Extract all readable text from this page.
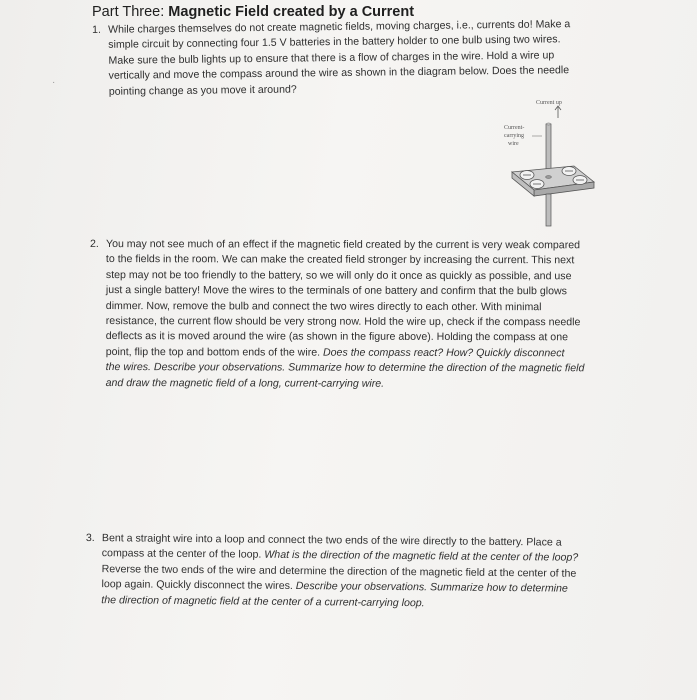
Part Three: Magnetic Field created by a Current
·

1. While charges themselves do not create magnetic fields, moving charges, i.e., currents do! Make a

simple circuit by connecting four 1.5 V batteries in the battery holder to one bulb using two wires.

Make sure the bulb lights up to ensure that there is a flow of charges in the wire. Hold a wire up

vertically and move the compass around the wire as shown in the diagram below. Does the needle

pointing change as you move it around?

Current up
Current-
carrying
wire

2. You may not see much of an effect if the magnetic field created by the current is very weak compared

to the fields in the room. We can make the created field stronger by increasing the current. This next

step may not be too friendly to the battery, so we will only do it once as quickly as possible, and use

just a single battery! Move the wires to the terminals of one battery and confirm that the bulb glows

dimmer. Now, remove the bulb and connect the two wires directly to each other. With minimal

resistance, the current flow should be very strong now. Hold the wire up, check if the compass needle

deflects as it is moved around the wire (as shown in the figure above). Holding the compass at one

point, flip the top and bottom ends of the wire. Does the compass react? How? Quickly disconnect

the wires. Describe your observations. Summarize how to determine the direction of the magnetic field

and draw the magnetic field of a long, current-carrying wire.

3. Bent a straight wire into a loop and connect the two ends of the wire directly to the battery. Place a

compass at the center of the loop. What is the direction of the magnetic field at the center of the loop?

Reverse the two ends of the wire and determine the direction of the magnetic field at the center of the

loop again. Quickly disconnect the wires. Describe your observations. Summarize how to determine

the direction of magnetic field at the center of a current-carrying loop.
